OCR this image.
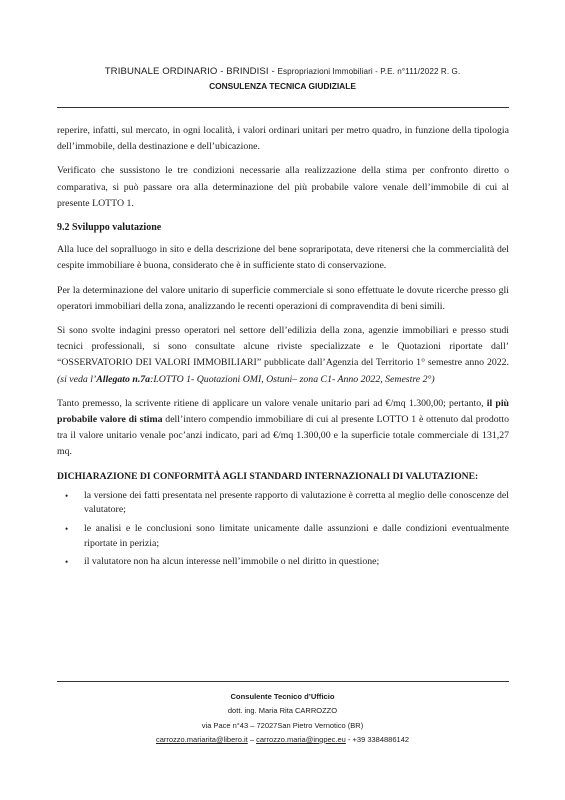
TRIBUNALE ORDINARIO - BRINDISI - Espropriazioni Immobiliari - P.E. n°111/2022 R. G.
CONSULENZA TECNICA GIUDIZIALE

reperire, infatti, sul mercato, in ogni località, i valori ordinari unitari per metro quadro, in funzione della tipologia dell’immobile, della destinazione e dell’ubicazione.

Verificato che sussistono le tre condizioni necessarie alla realizzazione della stima per confronto diretto o comparativa, si può passare ora alla determinazione del più probabile valore venale dell’immobile di cui al presente LOTTO 1.

9.2 Sviluppo valutazione

Alla luce del sopralluogo in sito e della descrizione del bene sopraripotata, deve ritenersi che la commercialità del cespite immobiliare è buona, considerato che è in sufficiente stato di conservazione.

Per la determinazione del valore unitario di superficie commerciale si sono effettuate le dovute ricerche presso gli operatori immobiliari della zona, analizzando le recenti operazioni di compravendita di beni simili.

Si sono svolte indagini presso operatori nel settore dell’edilizia della zona, agenzie immobiliari e presso studi tecnici professionali, si sono consultate alcune riviste specializzate e le Quotazioni riportate dall’ “OSSERVATORIO DEI VALORI IMMOBILIARI” pubblicate dall’Agenzia del Territorio 1° semestre anno 2022. (si veda l’Allegato n.7a:LOTTO 1- Quotazioni OMI, Ostuni– zona C1- Anno 2022, Semestre 2°)

Tanto premesso, la scrivente ritiene di applicare un valore venale unitario pari ad €/mq 1.300,00; pertanto, il più probabile valore di stima dell’intero compendio immobiliare di cui al presente LOTTO 1 è ottenuto dal prodotto tra il valore unitario venale poc’anzi indicato, pari ad €/mq 1.300,00 e la superficie totale commerciale di 131,27 mq.

DICHIARAZIONE DI CONFORMITÀ AGLI STANDARD INTERNAZIONALI DI VALUTAZIONE:
• la versione dei fatti presentata nel presente rapporto di valutazione è corretta al meglio delle conoscenze del valutatore;
• le analisi e le conclusioni sono limitate unicamente dalle assunzioni e dalle condizioni eventualmente riportate in perizia;
• il valutatore non ha alcun interesse nell’immobile o nel diritto in questione;
Consulente Tecnico d’Ufficio
dott. ing. Maria Rita CARROZZO
via Pace n°43 – 72027San Pietro Vernotico (BR)
carrozzo.mariarita@libero.it – carrozzo.maria@ingpec.eu - +39 3384886142
